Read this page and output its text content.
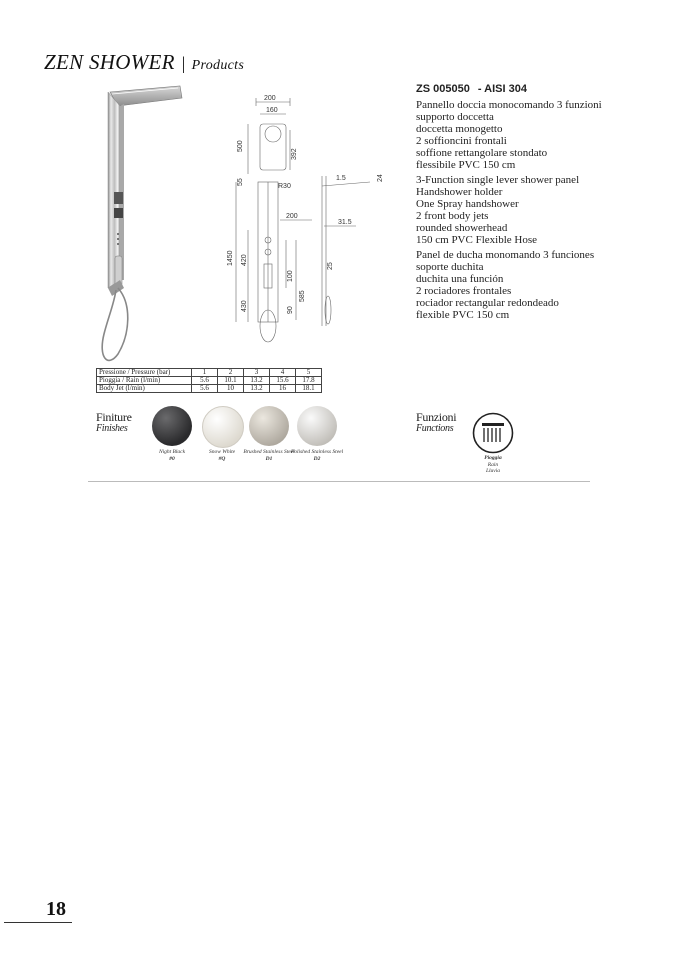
ZEN SHOWER | Products
200
160
500
392
55
R30
1.5	24
200
31.5
1450 420
100
585
430	90
25
ZS 005050 - AISI 304
Pannello doccia monocomando 3 funzioni
supporto doccetta
doccetta monogetto
2 soffioncini frontali
soffione rettangolare stondato
flessibile PVC 150 cm
3-Function single lever shower panel
Handshower holder
One Spray handshower
2 front body jets
rounded showerhead
150 cm PVC Flexible Hose
Panel de ducha monomando 3 funciones
soporte duchita
duchita una función
2 rociadores frontales
rociador rectangular redondeado
flexible PVC 150 cm
Pressione / Pressure (bar)	1	2	3	4	5
Pioggia / Rain (l/min)	5.6	10.1	13.2	15.6	17.8
Body Jet (l/min)	5.6	10	13.2	16	18.1
Finiture
Finishes
Night Black
#0
Snow White
#Q
Brushed Stainless Steel
D1
Polished Stainless Steel
D2
Funzioni
Functions
Pioggia
Rain
Lluvia
18
